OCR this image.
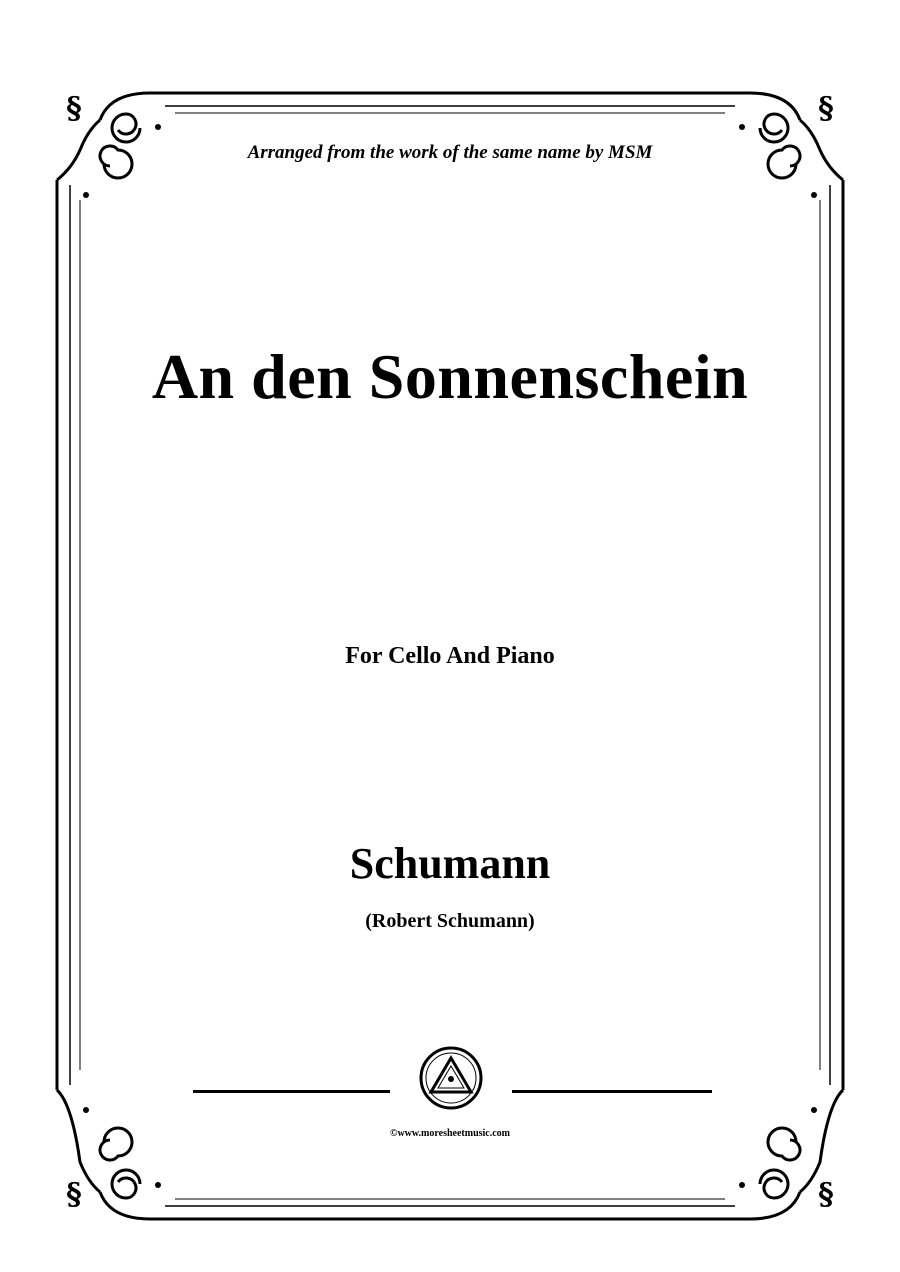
§	§
§	§
Arranged from the work of the same name by MSM
An den Sonnenschein
For Cello And Piano
Schumann
(Robert Schumann)
©www.moresheetmusic.com
